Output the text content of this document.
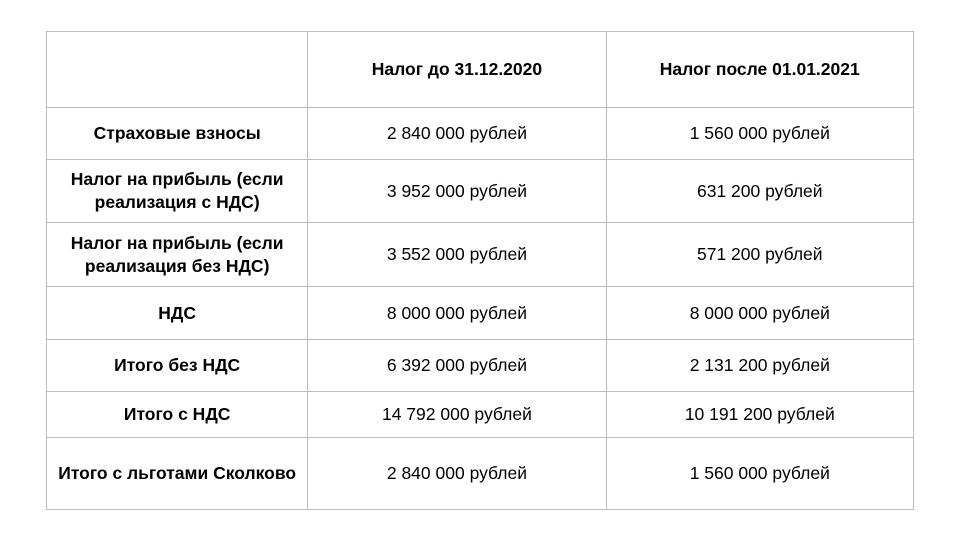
	Налог до 31.12.2020	Налог после 01.01.2021
Страховые взносы	2 840 000 рублей	1 560 000 рублей
Налог на прибыль (если реализация с НДС)	3 952 000 рублей	631 200 рублей
Налог на прибыль (если реализация без НДС)	3 552 000 рублей	571 200 рублей
НДС	8 000 000 рублей	8 000 000 рублей
Итого без НДС	6 392 000 рублей	2 131 200 рублей
Итого с НДС	14 792 000 рублей	10 191 200 рублей
Итого с льготами Сколково	2 840 000 рублей	1 560 000 рублей
